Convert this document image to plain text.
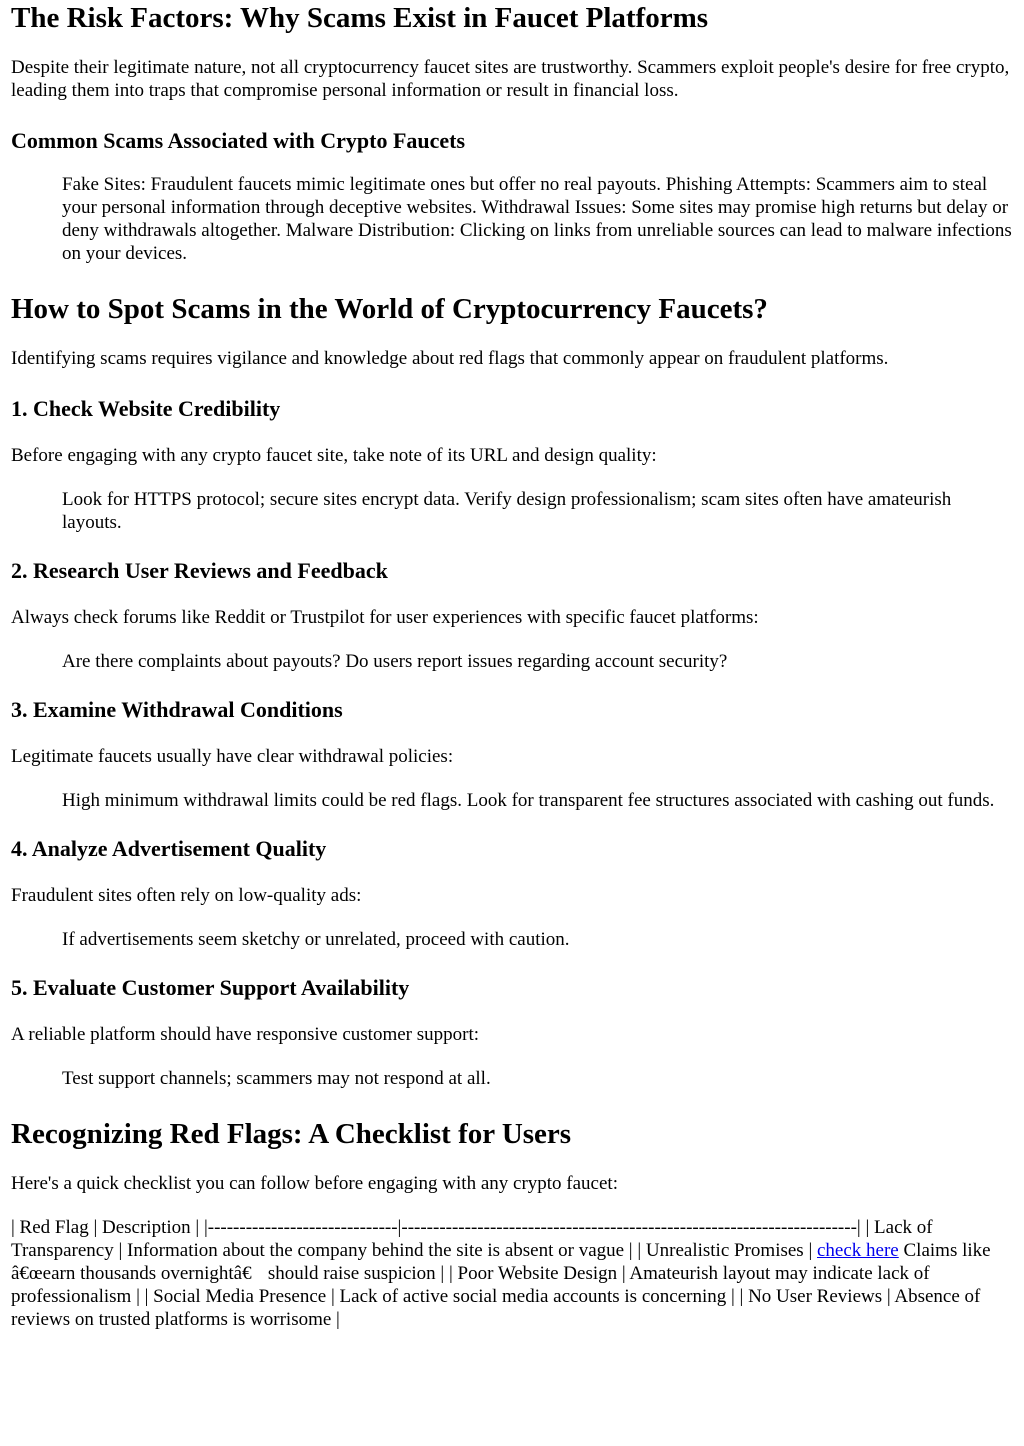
The Risk Factors: Why Scams Exist in Faucet Platforms

Despite their legitimate nature, not all cryptocurrency faucet sites are trustworthy. Scammers exploit people's desire for free crypto, leading them into traps that compromise personal information or result in financial loss.

Common Scams Associated with Crypto Faucets
Fake Sites: Fraudulent faucets mimic legitimate ones but offer no real payouts. Phishing Attempts: Scammers aim to steal your personal information through deceptive websites. Withdrawal Issues: Some sites may promise high returns but delay or deny withdrawals altogether. Malware Distribution: Clicking on links from unreliable sources can lead to malware infections on your devices.
How to Spot Scams in the World of Cryptocurrency Faucets?

Identifying scams requires vigilance and knowledge about red flags that commonly appear on fraudulent platforms.

1. Check Website Credibility

Before engaging with any crypto faucet site, take note of its URL and design quality:

Look for HTTPS protocol; secure sites encrypt data. Verify design professionalism; scam sites often have amateurish layouts.
2. Research User Reviews and Feedback

Always check forums like Reddit or Trustpilot for user experiences with specific faucet platforms:

Are there complaints about payouts? Do users report issues regarding account security?
3. Examine Withdrawal Conditions

Legitimate faucets usually have clear withdrawal policies:

High minimum withdrawal limits could be red flags. Look for transparent fee structures associated with cashing out funds.
4. Analyze Advertisement Quality

Fraudulent sites often rely on low-quality ads:

If advertisements seem sketchy or unrelated, proceed with caution.
5. Evaluate Customer Support Availability

A reliable platform should have responsive customer support:

Test support channels; scammers may not respond at all.
Recognizing Red Flags: A Checklist for Users

Here's a quick checklist you can follow before engaging with any crypto faucet:

| Red Flag | Description | |------------------------------|------------------------------------------------------------------------| | Lack of Transparency | Information about the company behind the site is absent or vague | | Unrealistic Promises | check here Claims like â€œearn thousands overnightâ€ should raise suspicion | | Poor Website Design | Amateurish layout may indicate lack of professionalism | | Social Media Presence | Lack of active social media accounts is concerning | | No User Reviews | Absence of reviews on trusted platforms is worrisome |
